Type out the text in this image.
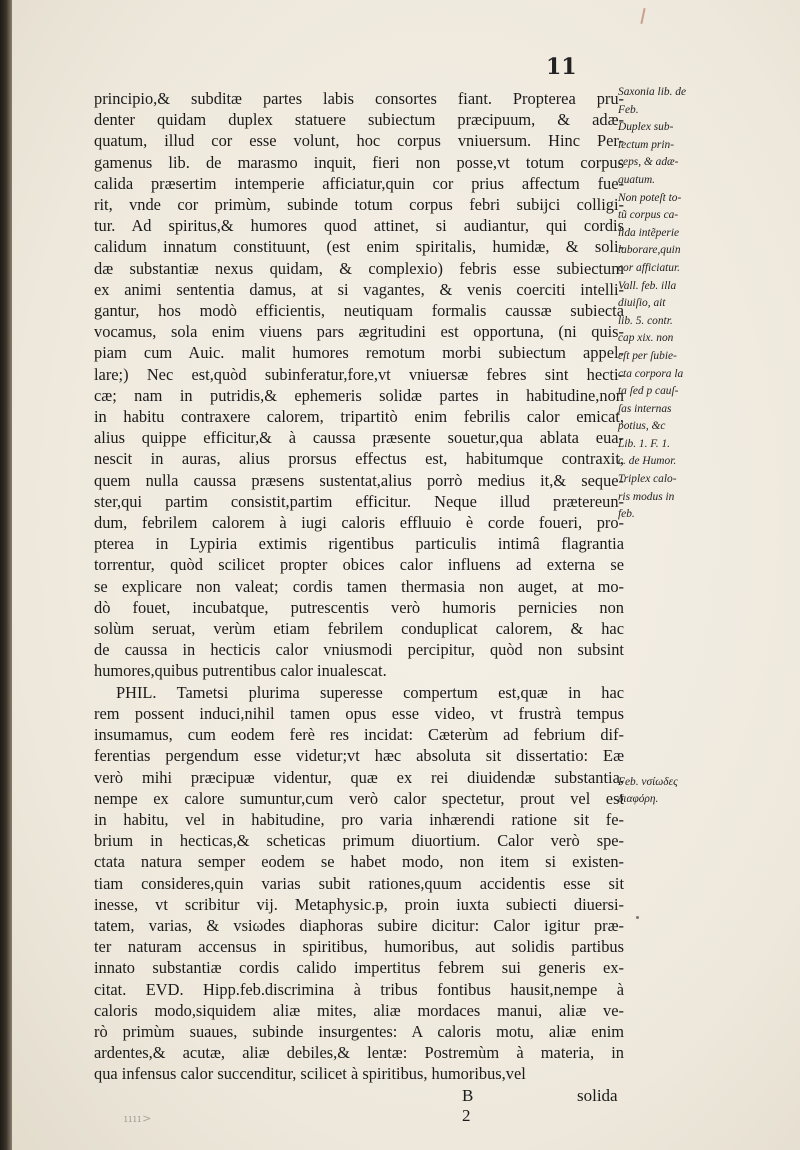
11
principio,& subditæ partes labis consortes fiant. Propterea pru-
denter quidam duplex statuere subiectum præcipuum, & adæ-
quatum, illud cor esse volunt, hoc corpus vniuersum. Hinc Per-
gamenus lib. de marasmo inquit, fieri non posse,vt totum corpus
calida præsertim intemperie afficiatur,quin cor prius affectum fue-
rit, vnde cor primùm, subinde totum corpus febri subijci colligi-
tur. Ad spiritus,& humores quod attinet, si audiantur, qui cordis
calidum innatum constituunt, (est enim spiritalis, humidæ, & soli-
dæ substantiæ nexus quidam, & complexio) febris esse subiectum
ex animi sententia damus, at si vagantes, & venis coerciti intelli-
gantur, hos modò efficientis, neutiquam formalis caussæ subiecta
vocamus, sola enim viuens pars ægritudini est opportuna, (ni quis-
piam cum Auic. malit humores remotum morbi subiectum appel-
lare;) Nec est,quòd subinferatur,fore,vt vniuersæ febres sint hecti-
cæ; nam in putridis,& ephemeris solidæ partes in habitudine,non
in habitu contraxere calorem, tripartitò enim febrilis calor emicat,
alius quippe efficitur,& à caussa præsente souetur,qua ablata eua-
nescit in auras, alius prorsus effectus est, habitumque contraxit,
quem nulla caussa præsens sustentat,alius porrò medius it,& seque-
ster,qui partim consistit,partim efficitur. Neque illud prætereun-
dum, febrilem calorem à iugi caloris effluuio è corde foueri, pro-
pterea in Lypiria extimis rigentibus particulis intimâ flagrantia
torrentur, quòd scilicet propter obices calor influens ad externa se
se explicare non valeat; cordis tamen thermasia non auget, at mo-
dò fouet, incubatque, putrescentis verò humoris pernicies non
solùm seruat, verùm etiam febrilem conduplicat calorem, & hac
de caussa in hecticis calor vniusmodi percipitur, quòd non subsint
humores,quibus putrentibus calor inualescat.
PHIL. Tametsi plurima superesse compertum est,quæ in hac
rem possent induci,nihil tamen opus esse video, vt frustrà tempus
insumamus, cum eodem ferè res incidat: Cæterùm ad febrium dif-
ferentias pergendum esse videtur;vt hæc absoluta sit dissertatio: Eæ
verò mihi præcipuæ videntur, quæ ex rei diuidendæ substantia,
nempe ex calore sumuntur,cum verò calor spectetur, prout vel est
in habitu, vel in habitudine, pro varia inhærendi ratione sit fe-
brium in hecticas,& scheticas primum diuortium. Calor verò spe-
ctata natura semper eodem se habet modo, non item si existen-
tiam consideres,quin varias subit rationes,quum accidentis esse sit
inesse, vt scribitur vij. Metaphysic.ᵽ, proin iuxta subiecti diuersi-
tatem, varias, & vsiωdes diaphoras subire dicitur: Calor igitur præ-
ter naturam accensus in spiritibus, humoribus, aut solidis partibus
innato substantiæ cordis calido impertitus febrem sui generis ex-
citat. EVD. Hipp.feb.discrimina à tribus fontibus hausit,nempe à
caloris modo,siquidem aliæ mites, aliæ mordaces manui, aliæ ve-
rò primùm suaues, subinde insurgentes: A caloris motu, aliæ enim
ardentes,& acutæ, aliæ debiles,& lentæ: Postremùm à materia, in
qua infensus calor succenditur, scilicet à spiritibus, humoribus,vel
Saxonia lib. de
Feb.
Duplex sub-
iectum prin-
ceps, & adæ-
quatum.
Non poteſt to-
tũ corpus ca-
lida intẽperie
laborare,quin
cor afficiatur.
Vall. feb. illa
diuiſio, ait
lib. 5. contr.
cap xix. non
eſt per ſubie-
cta corpora la
ta ſed p cauſ-
ſas internas
potius, &c
Lib. 1. F. 1.
c. de Humor.
Triplex calo-
ris modus in
feb.
Feb. vσίωδες
διαφόρη.
B 2
solida
ıııı>
